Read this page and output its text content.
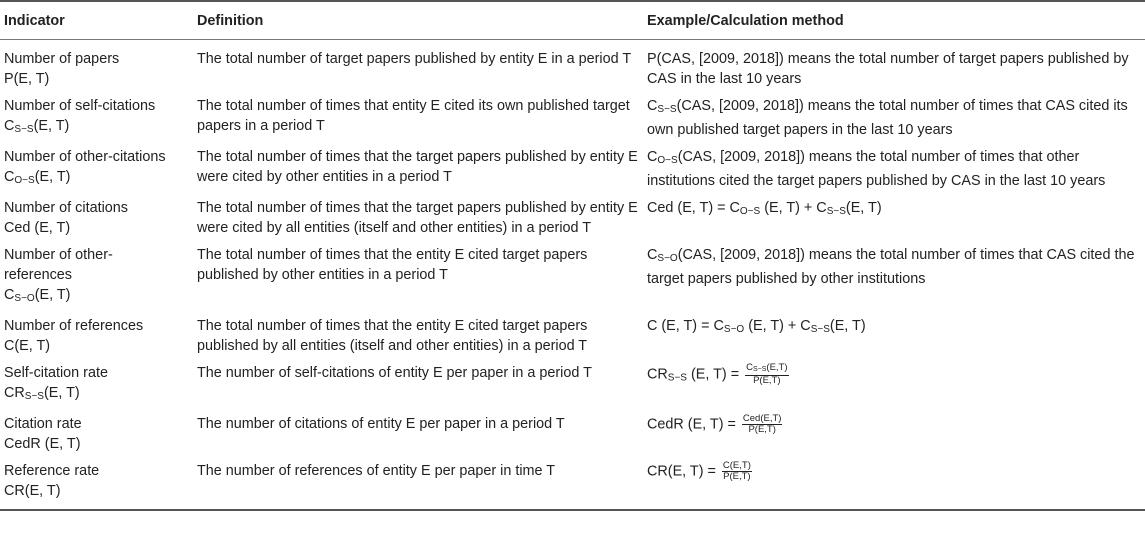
Indicator	Definition	Example/Calculation method

Number of papers
P(E, T)	The total number of target papers published by entity E in a period T	P(CAS, [2009, 2018]) means the total number of target papers published by CAS in the last 10 years

Number of self-citations
$C_{S-S}(E$, T)	The total number of times that entity E cited its own published target papers in a period T	$C_{S-S}(CAS$, [2009, 2018]) means the total number of times that CAS cited its own published target papers in the last 10 years

Number of other-citations
$C_{O-S}(E$, T)	The total number of times that the target papers published by entity E were cited by other entities in a period T	$C_{O-S}(CAS$, [2009, 2018]) means the total number of times that other institutions cited the target papers published by CAS in the last 10 years

Number of citations
Ced (E, T)	The total number of times that the target papers published by entity E were cited by all entities (itself and other entities) in a period T	Ced (E, $T) = C_{O-S}$ (E, $T) + C_{S-S}(E$, T)

Number of other-references
$C_{S-O}(E$, T)	The total number of times that the entity E cited target papers published by other entities in a period T	$C_{S-O}(CAS$, [2009, 2018]) means the total number of times that CAS cited the target papers published by other institutions

Number of references
C(E, T)	The total number of times that the entity E cited target papers published by all entities (itself and other entities) in a period T	C (E, $T) = C_{S-O}$ (E, $T) + C_{S-S}(E$, T)

Self-citation rate
$CR_{S-S}(E$, T)	The number of self-citations of entity E per paper in a period T	$CR_{S-S}$ (E, $T) = \frac{CS-S(E,T)}{P(E,T)}$

Citation rate
CedR (E, T)	The number of citations of entity E per paper in a period T	CedR (E, $T) = \frac{\text{Ced(E,T)}}{P(E,T)}$

Reference rate
CR(E, T)	The number of references of entity E per paper in time T	CR(E, $T) = \frac{C(E,T)}{P(E,T)}$
